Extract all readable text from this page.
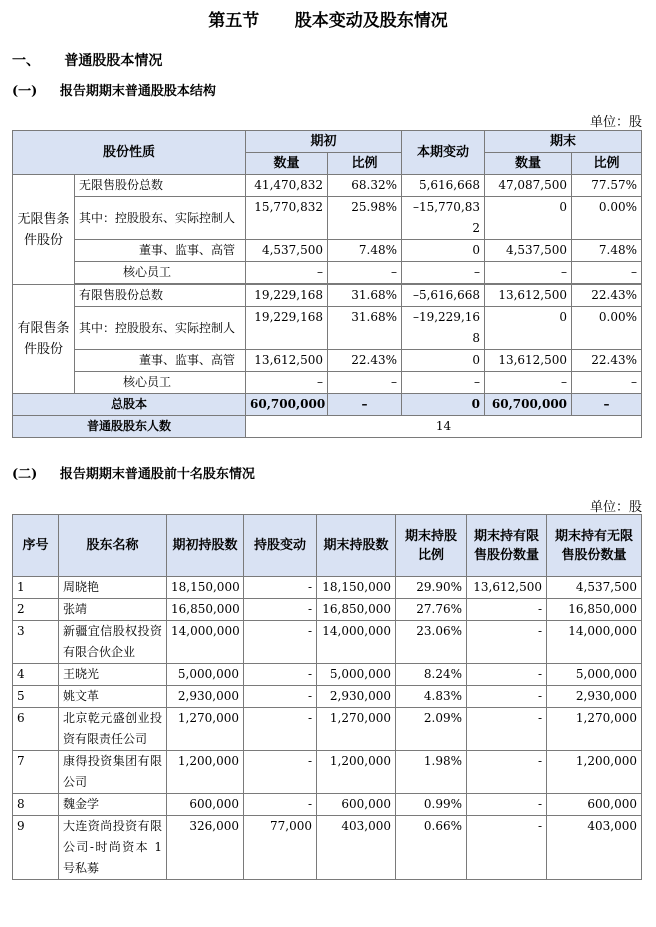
第五节      股本变动及股东情况
一、     普通股股本情况
(一)     报告期期末普通股股本结构
单位：股
股份性质		期初		本期变动	期末	
		数量	比例		数量	比例
无限售条件股份	无限售股份总数	41,470,832	68.32%	5,616,668	47,087,500	77.57%
	其中：控股股东、实际控制人	15,770,832	25.98%	–15,770,832	0	0.00%
	董事、监事、高管	4,537,500	7.48%	0	4,537,500	7.48%
	核心员工	–	–	–	–	–

有限售条件股份	有限售股份总数	19,229,168	31.68%	–5,616,668	13,612,500	22.43%
	其中：控股股东、实际控制人	19,229,168	31.68%	–19,229,168	0	0.00%
	董事、监事、高管	13,612,500	22.43%	0	13,612,500	22.43%
	核心员工	–	–	–	–	–
总股本		60,700,000	–	0	60,700,000	–
普通股股东人数		14				
(二)     报告期期末普通股前十名股东情况
单位：股
序号	股东名称	期初持股数	持股变动	期末持股数	期末持股比例	期末持有限售股份数量	期末持有无限售股份数量
1	周晓艳	18,150,000	-	18,150,000	29.90%	13,612,500	4,537,500
2	张靖	16,850,000	-	16,850,000	27.76%	-	16,850,000
3	新疆宜信股权投资有限合伙企业	14,000,000	-	14,000,000	23.06%	-	14,000,000
4	王晓光	5,000,000	-	5,000,000	8.24%	-	5,000,000
5	姚文革	2,930,000	-	2,930,000	4.83%	-	2,930,000
6	北京乾元盛创业投资有限责任公司	1,270,000	-	1,270,000	2.09%	-	1,270,000
7	康得投资集团有限公司	1,200,000	-	1,200,000	1.98%	-	1,200,000
8	魏金学	600,000	-	600,000	0.99%	-	600,000
9	大连资尚投资有限公司-时尚资本 1 号私募	326,000	77,000	403,000	0.66%	-	403,000
